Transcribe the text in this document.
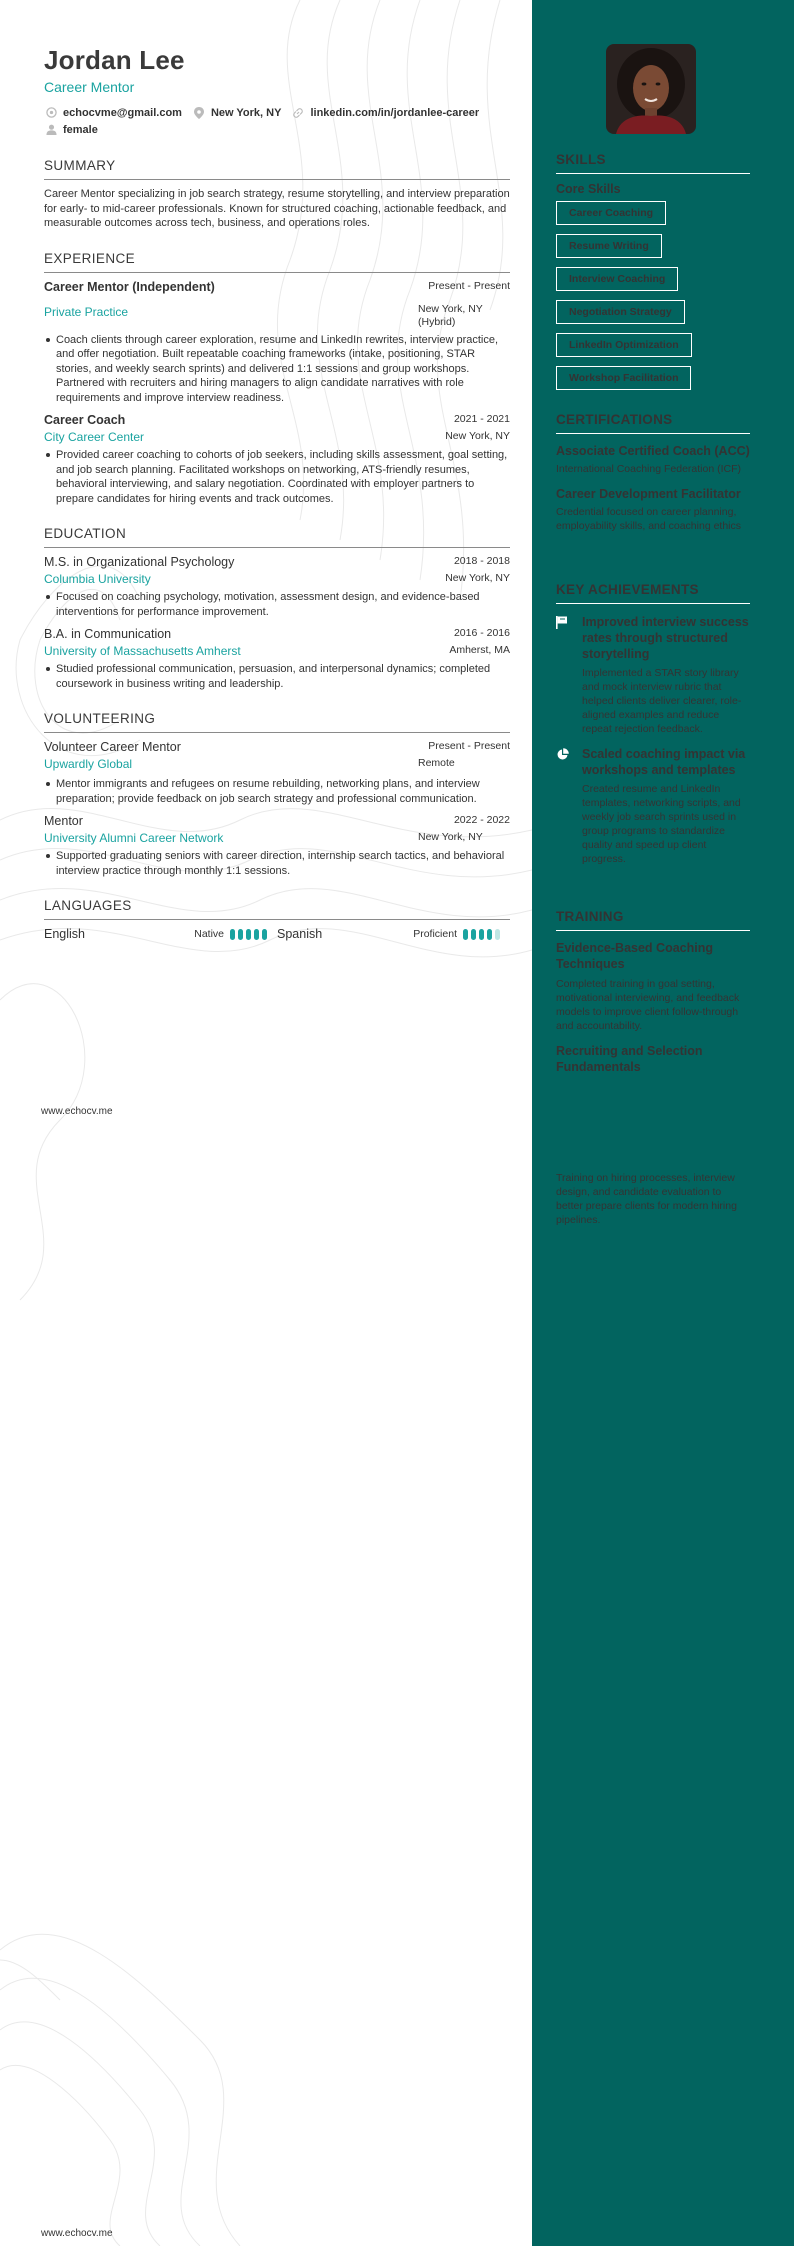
Jordan Lee
Career Mentor
echocvme@gmail.com	New York, NY	linkedin.com/in/jordanlee-career
female
SUMMARY
Career Mentor specializing in job search strategy, resume storytelling, and interview preparation for early- to mid-career professionals. Known for structured coaching, actionable feedback, and measurable outcomes across tech, business, and operations roles.
EXPERIENCE
Career Mentor (Independent)	Present - Present
Private Practice	New York, NY (Hybrid)
Coach clients through career exploration, resume and LinkedIn rewrites, interview practice, and offer negotiation. Built repeatable coaching frameworks (intake, positioning, STAR stories, and weekly search sprints) and delivered 1:1 sessions and group workshops. Partnered with recruiters and hiring managers to align candidate narratives with role requirements and improve interview readiness.
Career Coach	2021 - 2021
City Career Center	New York, NY
Provided career coaching to cohorts of job seekers, including skills assessment, goal setting, and job search planning. Facilitated workshops on networking, ATS-friendly resumes, behavioral interviewing, and salary negotiation. Coordinated with employer partners to prepare candidates for hiring events and track outcomes.
EDUCATION
M.S. in Organizational Psychology	2018 - 2018
Columbia University	New York, NY
Focused on coaching psychology, motivation, assessment design, and evidence-based interventions for performance improvement.
B.A. in Communication	2016 - 2016
University of Massachusetts Amherst	Amherst, MA
Studied professional communication, persuasion, and interpersonal dynamics; completed coursework in business writing and leadership.
VOLUNTEERING
Volunteer Career Mentor	Present - Present
Upwardly Global	Remote
Mentor immigrants and refugees on resume rebuilding, networking plans, and interview preparation; provide feedback on job search strategy and professional communication.
Mentor	2022 - 2022
University Alumni Career Network	New York, NY
Supported graduating seniors with career direction, internship search tactics, and behavioral interview practice through monthly 1:1 sessions.
LANGUAGES
English	Native	Spanish	Proficient
www.echocv.me
www.echocv.me
SKILLS
Core Skills
Career Coaching
Resume Writing
Interview Coaching
Negotiation Strategy
LinkedIn Optimization
Workshop Facilitation
CERTIFICATIONS
Associate Certified Coach (ACC)
International Coaching Federation (ICF)
Career Development Facilitator
Credential focused on career planning, employability skills, and coaching ethics
KEY ACHIEVEMENTS
Improved interview success rates through structured storytelling
Implemented a STAR story library and mock interview rubric that helped clients deliver clearer, role-aligned examples and reduce repeat rejection feedback.
Scaled coaching impact via workshops and templates
Created resume and LinkedIn templates, networking scripts, and weekly job search sprints used in group programs to standardize quality and speed up client progress.
TRAINING
Evidence-Based Coaching Techniques
Completed training in goal setting, motivational interviewing, and feedback models to improve client follow-through and accountability.
Recruiting and Selection Fundamentals
Training on hiring processes, interview design, and candidate evaluation to better prepare clients for modern hiring pipelines.
